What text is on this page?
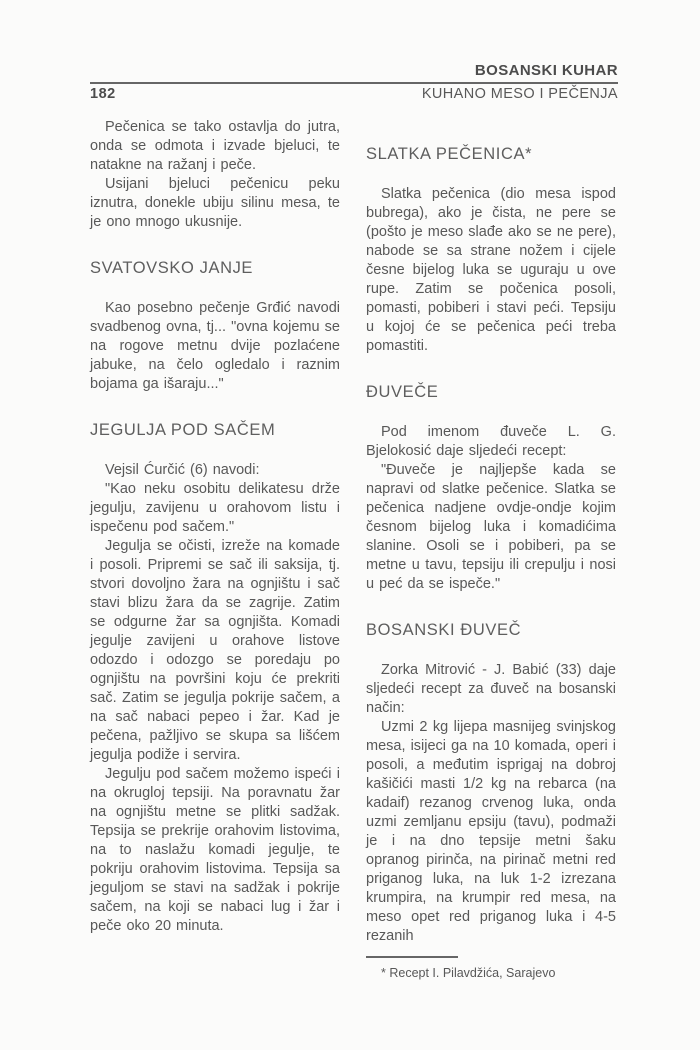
BOSANSKI KUHAR
182	KUHANO MESO I PEČENJA

Pečenica se tako ostavlja do jutra, onda se odmota i izvade bjeluci, te natakne na ražanj i peče.

Usijani bjeluci pečenicu peku iznutra, donekle ubiju silinu mesa, te je ono mnogo ukusnije.

SVATOVSKO JANJE

Kao posebno pečenje Grđić navodi svadbenog ovna, tj... "ovna kojemu se na rogove metnu dvije pozlaćene jabuke, na čelo ogledalo i raznim bojama ga išaraju..."

JEGULJA POD SAČEM

Vejsil Ćurčić (6) navodi:

"Kao neku osobitu delikatesu drže jegulju, zavijenu u orahovom listu i ispečenu pod sačem."

Jegulja se očisti, izreže na komade i posoli. Pripremi se sač ili saksija, tj. stvori dovoljno žara na ognjištu i sač stavi blizu žara da se zagrije. Zatim se odgurne žar sa ognjišta. Komadi jegulje zavijeni u orahove listove odozdo i odozgo se poredaju po ognjištu na površini koju će prekriti sač. Zatim se jegulja pokrije sačem, a na sač nabaci pepeo i žar. Kad je pečena, pažljivo se skupa sa lišćem jegulja podiže i servira.

Jegulju pod sačem možemo ispeći i na okrugloj tepsiji. Na poravnatu žar na ognjištu metne se plitki sadžak. Tepsija se prekrije orahovim listovima, na to naslažu komadi jegulje, te pokriju orahovim listovima. Tepsija sa jeguljom se stavi na sadžak i pokrije sačem, na koji se nabaci lug i žar i peče oko 20 minuta.

SLATKA PEČENICA*

Slatka pečenica (dio mesa ispod bubrega), ako je čista, ne pere se (pošto je meso slađe ako se ne pere), nabode se sa strane nožem i cijele česne bijelog luka se uguraju u ove rupe. Zatim se počenica posoli, pomasti, pobiberi i stavi peći. Tepsiju u kojoj će se pečenica peći treba pomastiti.

ĐUVEČE

Pod imenom đuveče L. G. Bjelokosić daje sljedeći recept:

"Đuveče je najljepše kada se napravi od slatke pečenice. Slatka se pečenica nadjene ovdje-ondje kojim česnom bijelog luka i komadićima slanine. Osoli se i pobiberi, pa se metne u tavu, tepsiju ili crepulju i nosi u peć da se ispeče."

BOSANSKI ĐUVEČ

Zorka Mitrović - J. Babić (33) daje sljedeći recept za đuveč na bosanski način:

Uzmi 2 kg lijepa masnijeg svinjskog mesa, isijeci ga na 10 komada, operi i posoli, a međutim isprigaj na dobroj kašičići masti 1/2 kg na rebarca (na kadaif) rezanog crvenog luka, onda uzmi zemljanu epsiju (tavu), podmaži je i na dno tepsije metni šaku opranog pirinča, na pirinač metni red priganog luka, na luk 1-2 izrezana krumpira, na krumpir red mesa, na meso opet red priganog luka i 4-5 rezanih

* Recept I. Pilavdžića, Sarajevo
